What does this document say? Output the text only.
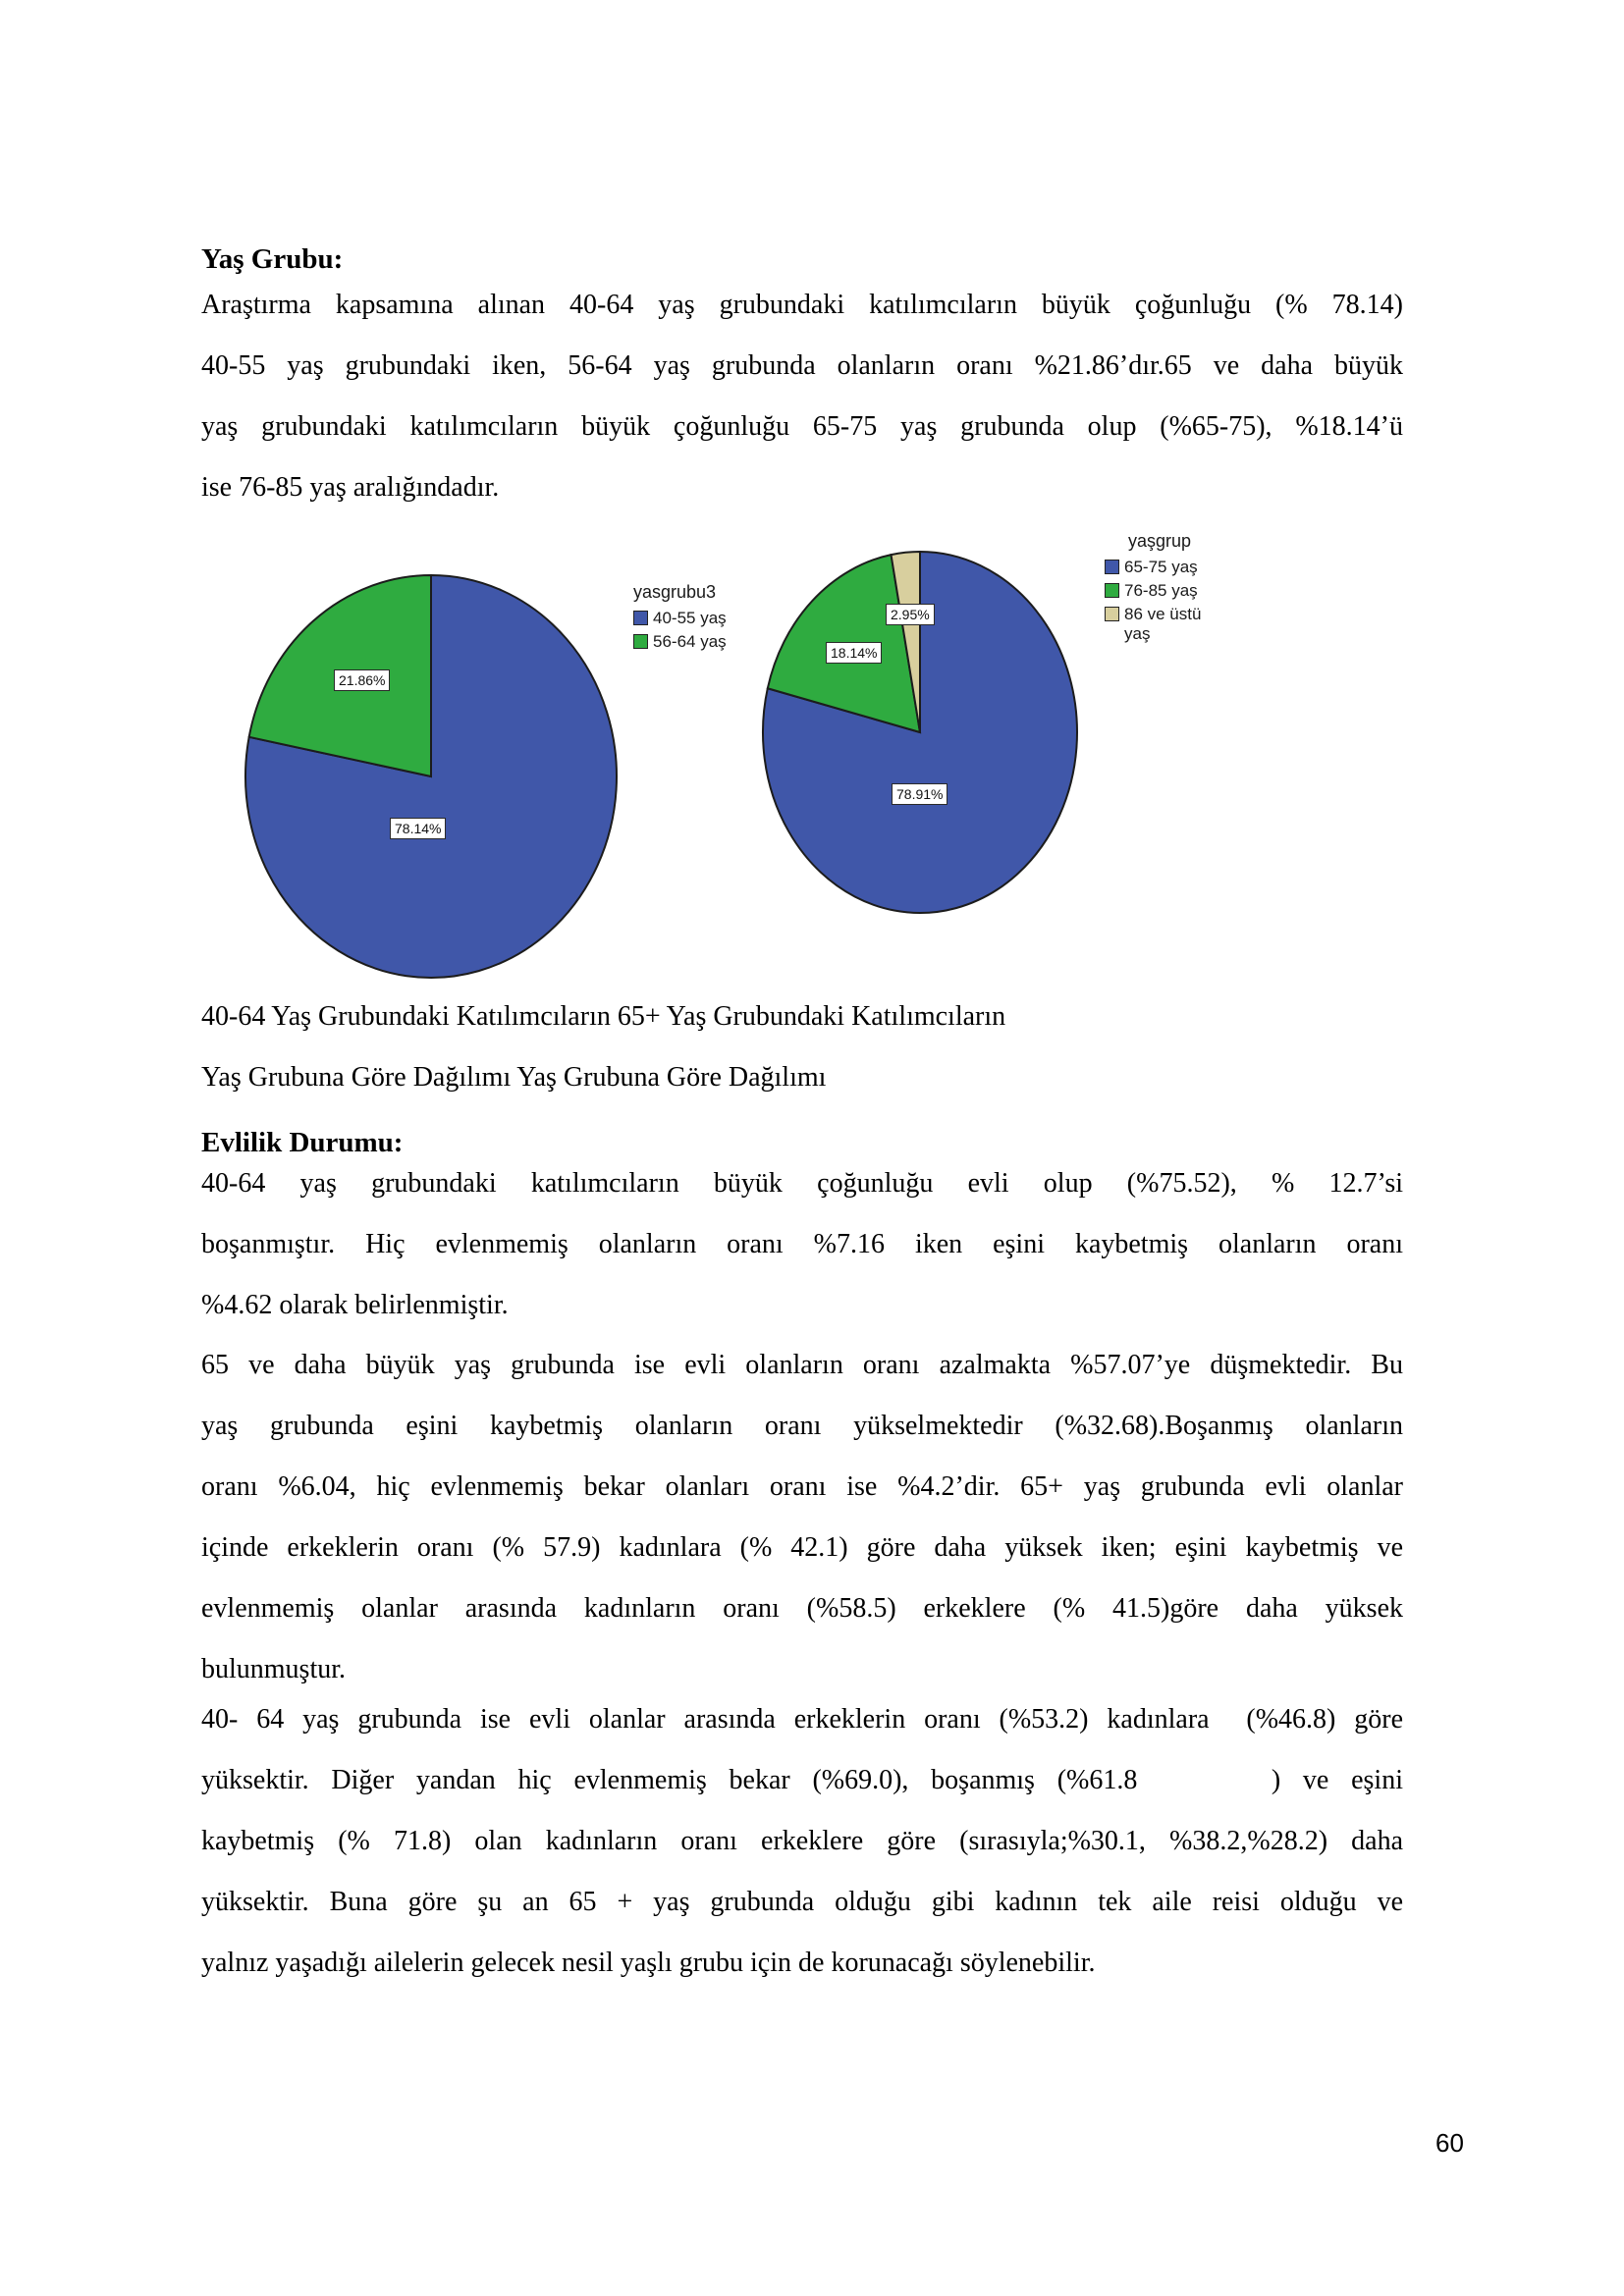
Yaş Grubu:
Araştırma kapsamına alınan 40-64 yaş grubundaki katılımcıların büyük çoğunluğu (% 78.14)
40-55 yaş grubundaki iken, 56-64 yaş grubunda olanların oranı %21.86’dır.65 ve daha büyük
yaş grubundaki katılımcıların büyük çoğunluğu 65-75 yaş grubunda olup (%65-75), %18.14’ü
ise 76-85 yaş aralığındadır.
21.86%
78.14%
2.95%
18.14%
78.91%
yasgrubu3
40-55 yaş
56-64 yaş
yaşgrup
65-75 yaş
76-85 yaş
86 ve üstü yaş
40-64 Yaş Grubundaki Katılımcıların 65+ Yaş Grubundaki Katılımcıların
Yaş Grubuna Göre Dağılımı Yaş Grubuna Göre Dağılımı
Evlilik Durumu:
40-64 yaş grubundaki katılımcıların büyük çoğunluğu evli olup (%75.52), % 12.7’si
boşanmıştır. Hiç evlenmemiş olanların oranı %7.16 iken eşini kaybetmiş olanların oranı
%4.62 olarak belirlenmiştir.
65 ve daha büyük yaş grubunda ise evli olanların oranı azalmakta %57.07’ye düşmektedir. Bu
yaş grubunda eşini kaybetmiş olanların oranı yükselmektedir (%32.68).Boşanmış olanların
oranı %6.04, hiç evlenmemiş bekar olanları oranı ise %4.2’dir. 65+ yaş grubunda evli olanlar
içinde erkeklerin oranı (% 57.9) kadınlara (% 42.1) göre daha yüksek iken; eşini kaybetmiş ve
evlenmemiş olanlar arasında kadınların oranı (%58.5) erkeklere (% 41.5)göre daha yüksek
bulunmuştur.
40- 64 yaş grubunda ise evli olanlar arasında erkeklerin oranı (%53.2) kadınlara  (%46.8) göre
yüksektir. Diğer yandan hiç evlenmemiş bekar (%69.0), boşanmış (%61.8      ) ve eşini
kaybetmiş (% 71.8) olan kadınların oranı erkeklere göre (sırasıyla;%30.1, %38.2,%28.2) daha
yüksektir. Buna göre şu an 65 + yaş grubunda olduğu gibi kadının tek aile reisi olduğu ve
yalnız yaşadığı ailelerin gelecek nesil yaşlı grubu için de korunacağı söylenebilir.
60
